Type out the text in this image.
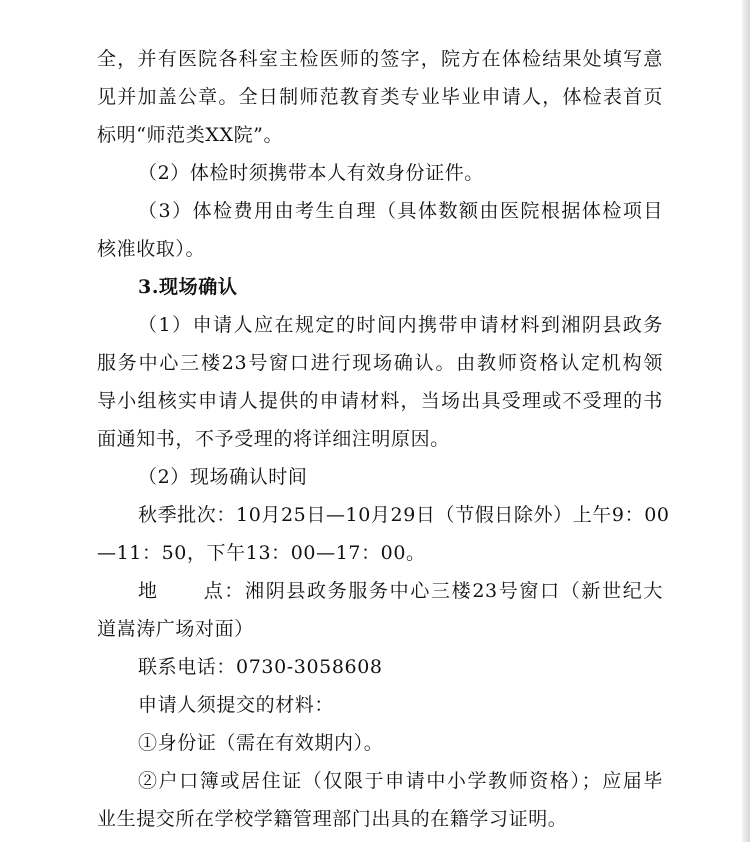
全，并有医院各科室主检医师的签字，院方在体检结果处填写意
见并加盖公章。全日制师范教育类专业毕业申请人，体检表首页
标明“师范类XX院”。
（2）体检时须携带本人有效身份证件。
（3）体检费用由考生自理（具体数额由医院根据体检项目
核准收取）。
3.现场确认
（1）申请人应在规定的时间内携带申请材料到湘阴县政务
服务中心三楼23号窗口进行现场确认。由教师资格认定机构领
导小组核实申请人提供的申请材料，当场出具受理或不受理的书
面通知书，不予受理的将详细注明原因。
（2）现场确认时间
秋季批次：10月25日—10月29日（节假日除外）上午9：00
—11：50，下午13：00—17：00。
地 点：湘阴县政务服务中心三楼23号窗口（新世纪大
道嵩涛广场对面）
联系电话：0730-3058608
申请人须提交的材料：
①身份证（需在有效期内）。
②户口簿或居住证（仅限于申请中小学教师资格）；应届毕
业生提交所在学校学籍管理部门出具的在籍学习证明。
